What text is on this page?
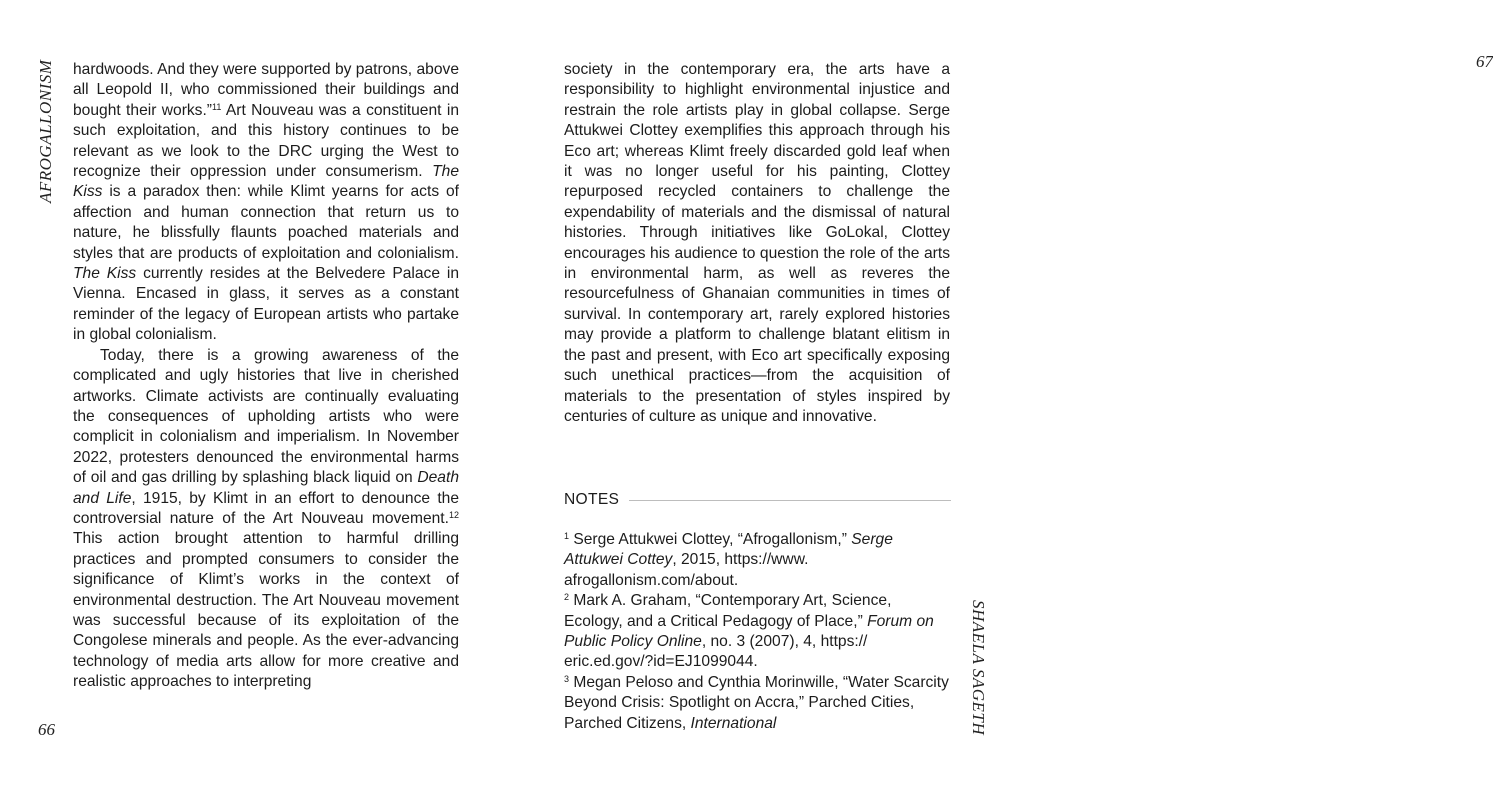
AFROGALLONISM
66

hardwoods. And they were supported by patrons, above all Leopold II, who commissioned their buildings and bought their works.”$^{11}$ Art Nouveau was a constituent in such exploitation, and this history continues to be relevant as we look to the DRC urging the West to recognize their oppression under consumerism. The Kiss is a paradox then: while Klimt yearns for acts of affection and human connection that return us to nature, he blissfully flaunts poached materials and styles that are products of exploitation and colonialism. The Kiss currently resides at the Belvedere Palace in Vienna. Encased in glass, it serves as a constant reminder of the legacy of European artists who partake in global colonialism.

Today, there is a growing awareness of the complicated and ugly histories that live in cherished artworks. Climate activists are continually evaluating the consequences of upholding artists who were complicit in colonialism and imperialism. In November 2022, protesters denounced the environmental harms of oil and gas drilling by splashing black liquid on Death and Life, 1915, by Klimt in an effort to denounce the controversial nature of the Art Nouveau movement.$^{12}$ This action brought attention to harmful drilling practices and prompted consumers to consider the significance of Klimt’s works in the context of environmental destruction. The Art Nouveau movement was successful because of its exploitation of the Congolese minerals and people. As the ever-advancing technology of media arts allow for more creative and realistic approaches to interpreting

67
SHAELA SAGETH

society in the contemporary era, the arts have a responsibility to highlight environmental injustice and restrain the role artists play in global collapse. Serge Attukwei Clottey exemplifies this approach through his Eco art; whereas Klimt freely discarded gold leaf when it was no longer useful for his painting, Clottey repurposed recycled containers to challenge the expendability of materials and the dismissal of natural histories. Through initiatives like GoLokal, Clottey encourages his audience to question the role of the arts in environmental harm, as well as reveres the resourcefulness of Ghanaian communities in times of survival. In contemporary art, rarely explored histories may provide a platform to challenge blatant elitism in the past and present, with Eco art specifically exposing such unethical practices—from the acquisition of materials to the presentation of styles inspired by centuries of culture as unique and innovative.

NOTES

$^1$ Serge Attukwei Clottey, “Afrogallonism,” Serge Attukwei Cottey, 2015, https://www. afrogallonism.com/about.

$^2$ Mark A. Graham, “Contemporary Art, Science, Ecology, and a Critical Pedagogy of Place,” Forum on Public Policy Online, no. 3 (2007), 4, https:// eric.ed.gov/?id=EJ1099044.

$^3$ Megan Peloso and Cynthia Morinwille, “Water Scarcity Beyond Crisis: Spotlight on Accra,” Parched Cities, Parched Citizens, International
